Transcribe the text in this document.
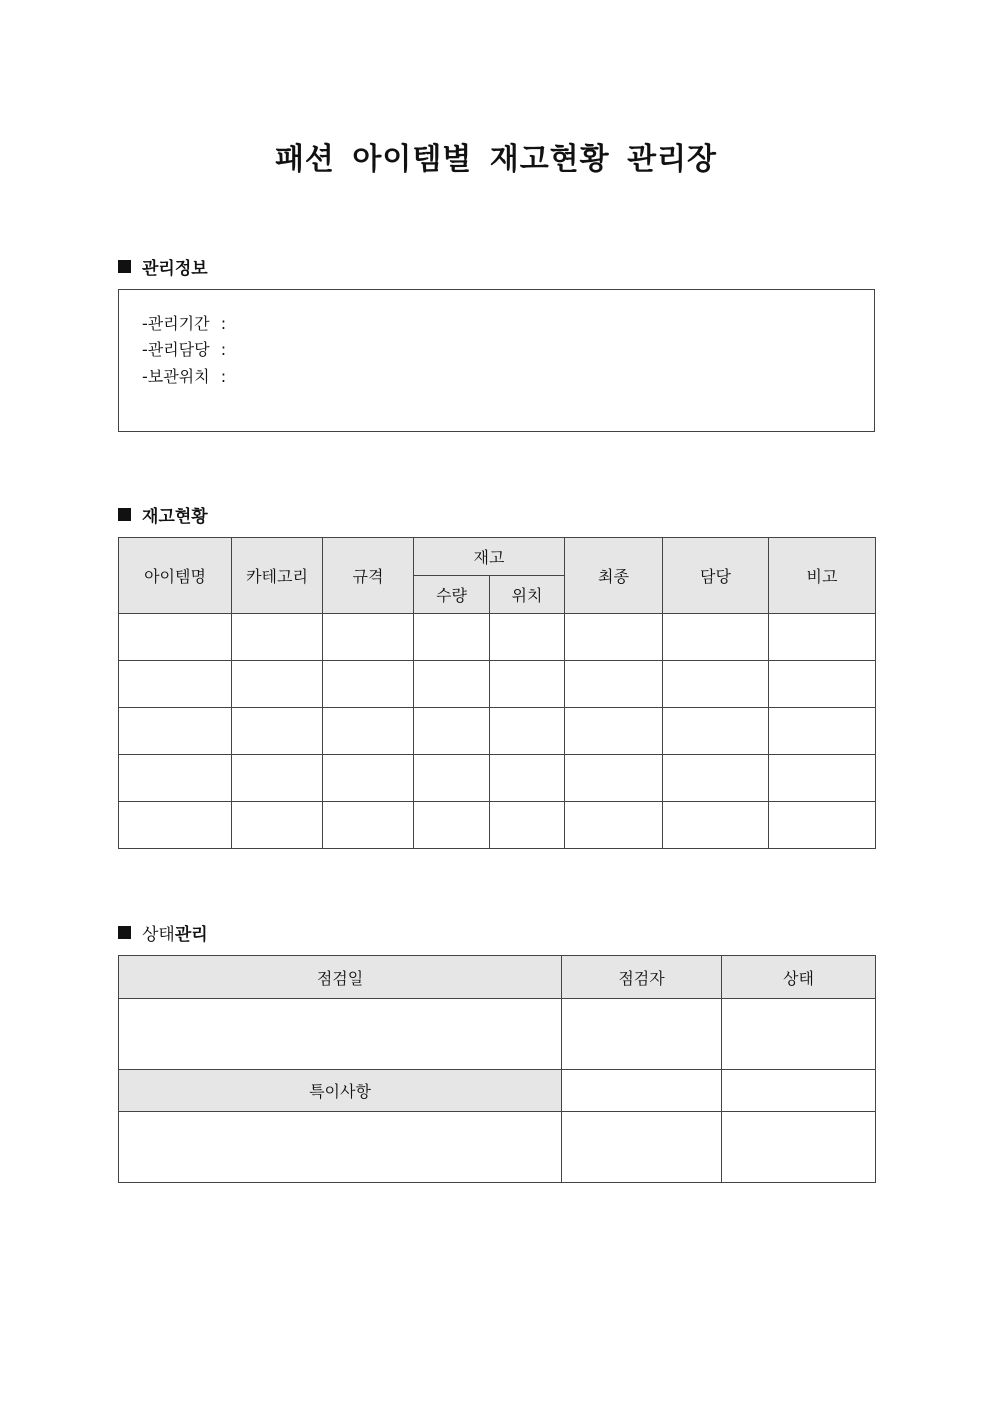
패션 아이템별 재고현황 관리장
관리정보
-관리기간 :
-관리담당 :
-보관위치 :
재고현황
아이템명	카테고리	규격	재고		최종	담당	비고
			수량	위치			

상태 관리
점검일	점검자	상태

특이사항		
